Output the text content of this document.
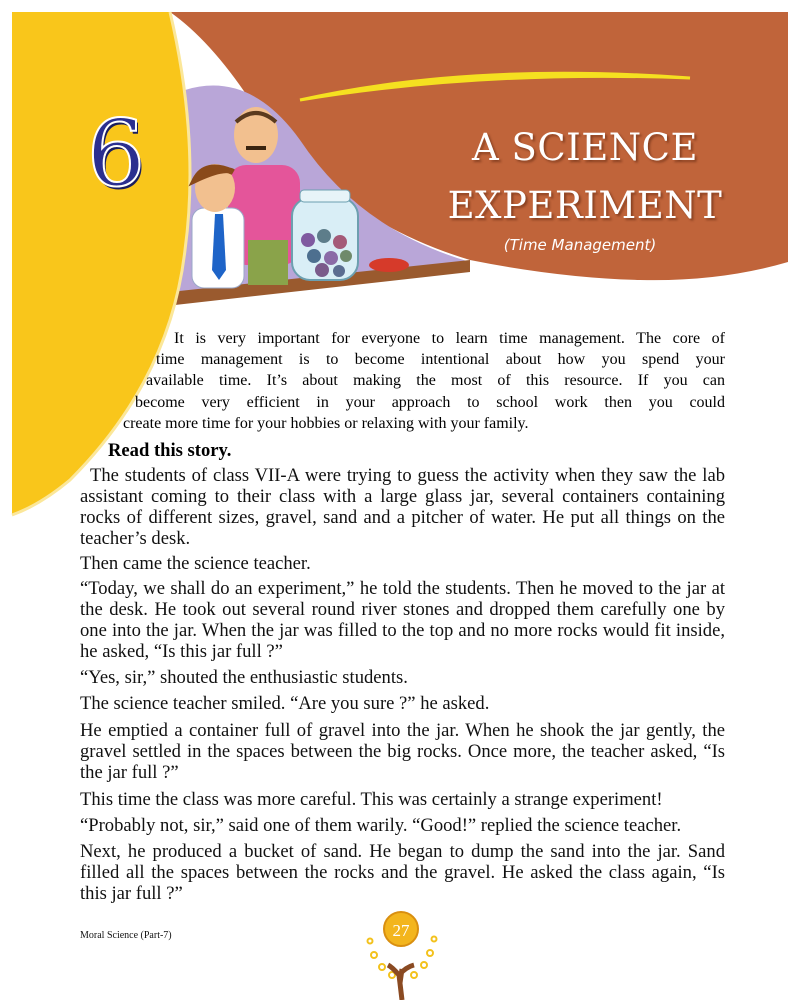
6	A SCIENCE
EXPERIMENT
(Time Management)
It is very important for everyone to learn time management. The core of
time management is to become intentional about how you spend your
available time. It’s about making the most of this resource. If you can
become very efficient in your approach to school work then you could
create more time for your hobbies or relaxing with your family.
Read this story.

The students of class VII-A were trying to guess the activity when they saw the lab assistant coming to their class with a large glass jar, several containers containing rocks of different sizes, gravel, sand and a pitcher of water. He put all things on the teacher’s desk.

Then came the science teacher.

“Today, we shall do an experiment,” he told the students. Then he moved to the jar at the desk. He took out several round river stones and dropped them carefully one by one into the jar. When the jar was filled to the top and no more rocks would fit inside, he asked, “Is this jar full ?”

“Yes, sir,” shouted the enthusiastic students.

The science teacher smiled. “Are you sure ?” he asked.

He emptied a container full of gravel into the jar. When he shook the jar gently, the gravel settled in the spaces between the big rocks. Once more, the teacher asked, “Is the jar full ?”

This time the class was more careful. This was certainly a strange experiment!

“Probably not, sir,” said one of them warily. “Good!” replied the science teacher.

Next, he produced a bucket of sand. He began to dump the sand into the jar. Sand filled all the spaces between the rocks and the gravel. He asked the class again, “Is this jar full ?”

Moral Science (Part-7)	27
